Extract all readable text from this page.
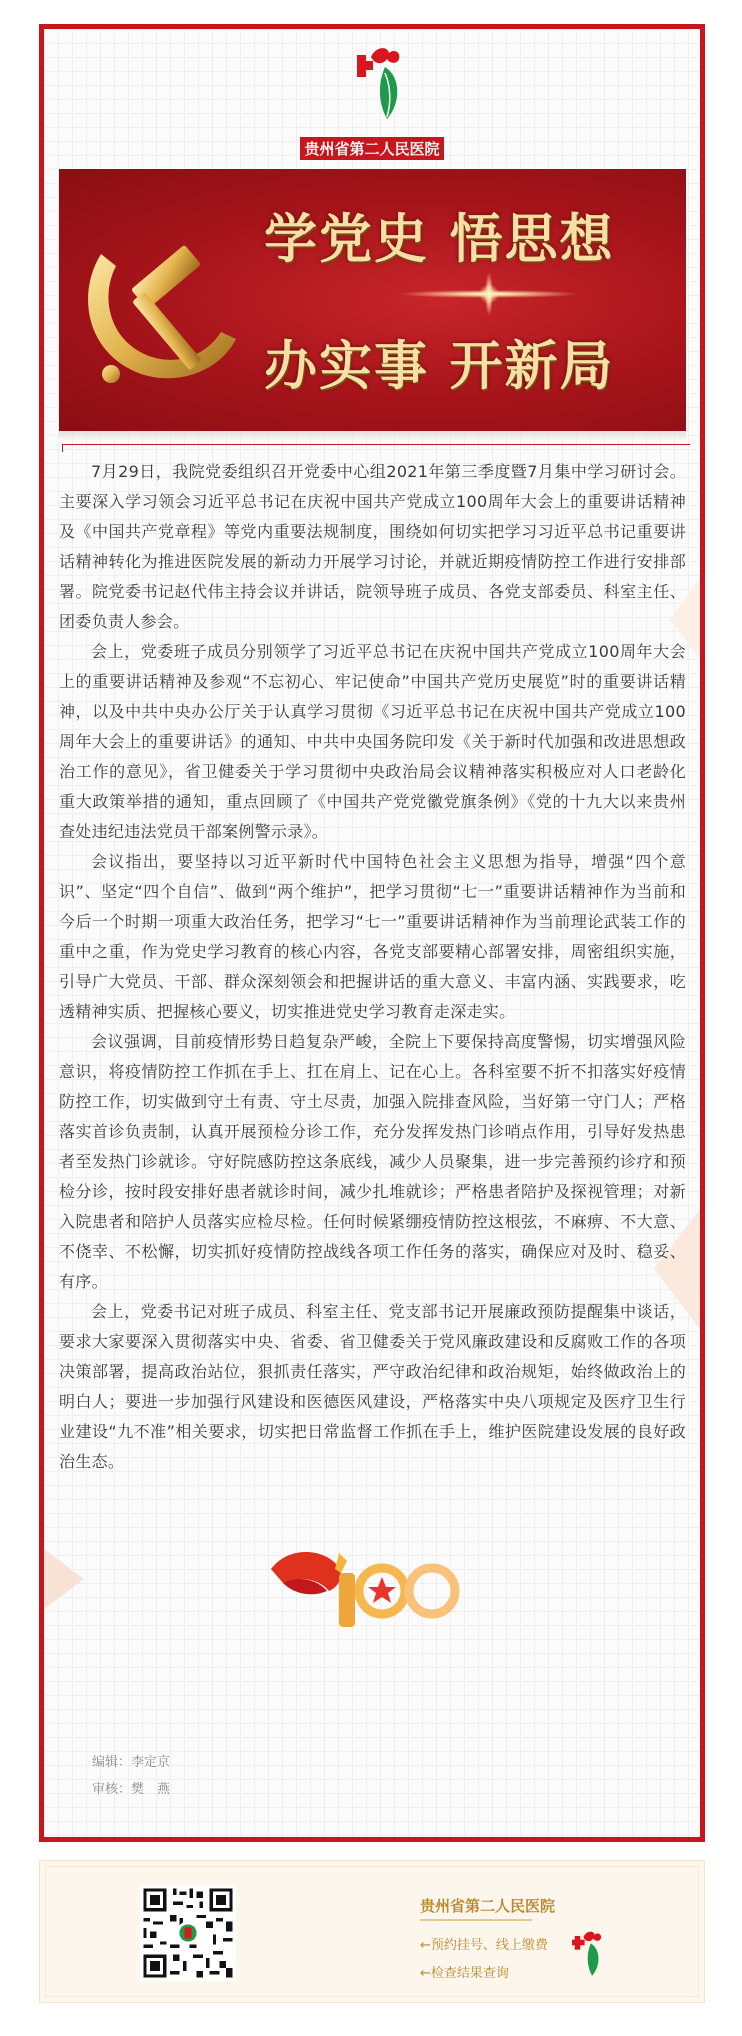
贵州省第二人民医院
学党史 悟思想
办实事 开新局

7月29日，我院党委组织召开党委中心组2021年第三季度暨7月集中学习研讨会。主要深入学习领会习近平总书记在庆祝中国共产党成立100周年大会上的重要讲话精神及《中国共产党章程》等党内重要法规制度，围绕如何切实把学习习近平总书记重要讲话精神转化为推进医院发展的新动力开展学习讨论，并就近期疫情防控工作进行安排部署。院党委书记赵代伟主持会议并讲话，院领导班子成员、各党支部委员、科室主任、团委负责人参会。

会上，党委班子成员分别领学了习近平总书记在庆祝中国共产党成立100周年大会上的重要讲话精神及参观“不忘初心、牢记使命”中国共产党历史展览”时的重要讲话精神，以及中共中央办公厅关于认真学习贯彻《习近平总书记在庆祝中国共产党成立100周年大会上的重要讲话》的通知、中共中央国务院印发《关于新时代加强和改进思想政治工作的意见》，省卫健委关于学习贯彻中央政治局会议精神落实积极应对人口老龄化重大政策举措的通知，重点回顾了《中国共产党党徽党旗条例》《党的十九大以来贵州查处违纪违法党员干部案例警示录》。

会议指出，要坚持以习近平新时代中国特色社会主义思想为指导，增强“四个意识”、坚定“四个自信”、做到“两个维护”，把学习贯彻“七一”重要讲话精神作为当前和今后一个时期一项重大政治任务，把学习“七一”重要讲话精神作为当前理论武装工作的重中之重，作为党史学习教育的核心内容，各党支部要精心部署安排，周密组织实施，引导广大党员、干部、群众深刻领会和把握讲话的重大意义、丰富内涵、实践要求，吃透精神实质、把握核心要义，切实推进党史学习教育走深走实。

会议强调，目前疫情形势日趋复杂严峻，全院上下要保持高度警惕，切实增强风险意识，将疫情防控工作抓在手上、扛在肩上、记在心上。各科室要不折不扣落实好疫情防控工作，切实做到守土有责、守土尽责，加强入院排查风险，当好第一守门人；严格落实首诊负责制，认真开展预检分诊工作，充分发挥发热门诊哨点作用，引导好发热患者至发热门诊就诊。守好院感防控这条底线，减少人员聚集，进一步完善预约诊疗和预检分诊，按时段安排好患者就诊时间，减少扎堆就诊；严格患者陪护及探视管理；对新入院患者和陪护人员落实应检尽检。任何时候紧绷疫情防控这根弦，不麻痹、不大意、不侥幸、不松懈，切实抓好疫情防控战线各项工作任务的落实，确保应对及时、稳妥、有序。

会上，党委书记对班子成员、科室主任、党支部书记开展廉政预防提醒集中谈话，要求大家要深入贯彻落实中央、省委、省卫健委关于党风廉政建设和反腐败工作的各项决策部署，提高政治站位，狠抓责任落实，严守政治纪律和政治规矩，始终做政治上的明白人；要进一步加强行风建设和医德医风建设，严格落实中央八项规定及医疗卫生行业建设“九不准”相关要求，切实把日常监督工作抓在手上，维护医院建设发展的良好政治生态。

编辑：李定京
审核：樊　燕
贵州省第二人民医院
←预约挂号、线上缴费
←检查结果查询
